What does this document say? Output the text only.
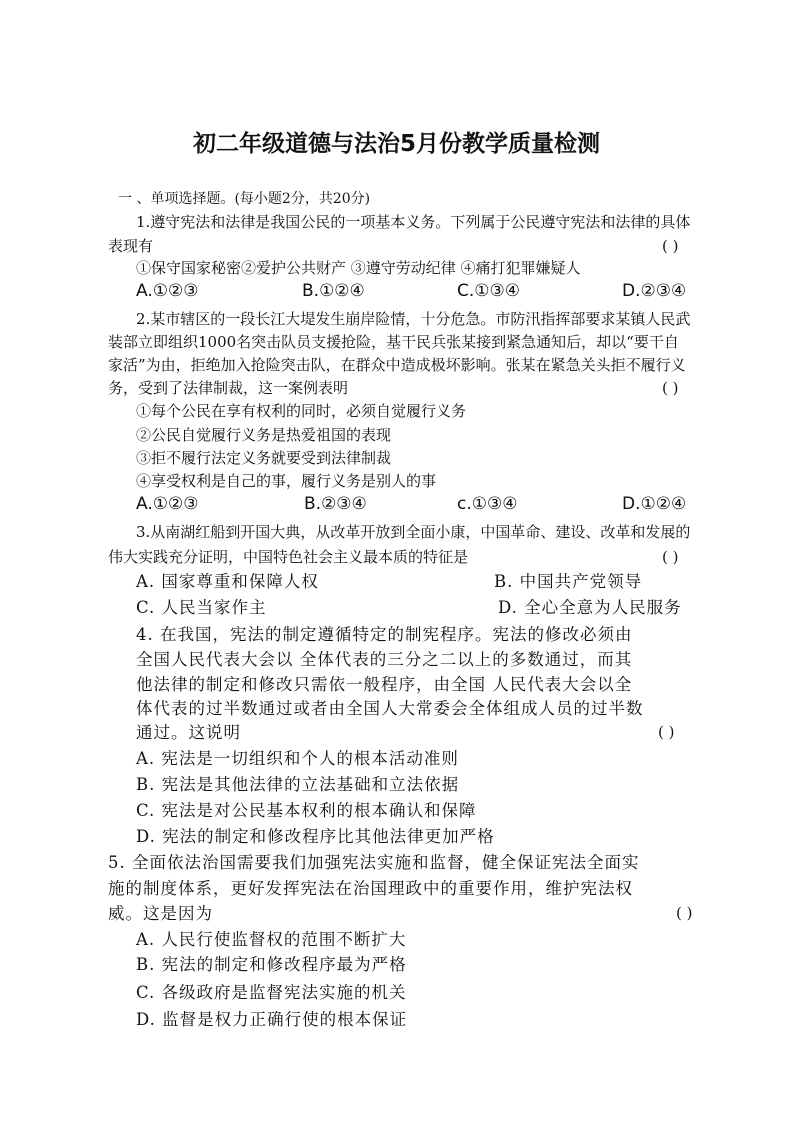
初二年级道德与法治5月份教学质量检测
一 、单项选择题。(每小题2分，共20分)
1.遵守宪法和法律是我国公民的一项基本义务。下列属于公民遵守宪法和法律的具体
表现有	( )
①保守国家秘密②爱护公共财产 ③遵守劳动纪律 ④痛打犯罪嫌疑人
A.①②③	B.①②④	C.①③④	D.②③④
2.某市辖区的一段长江大堤发生崩岸险情，十分危急。市防汛指挥部要求某镇人民武
装部立即组织1000名突击队员支援抢险，基干民兵张某接到紧急通知后，却以“要干自
家活”为由，拒绝加入抢险突击队，在群众中造成极坏影响。张某在紧急关头拒不履行义
务，受到了法律制裁，这一案例表明	( )
①每个公民在享有权利的同时，必须自觉履行义务
②公民自觉履行义务是热爱祖国的表现
③拒不履行法定义务就要受到法律制裁
④享受权利是自己的事，履行义务是别人的事
A.①②③	B.②③④	c.①③④	D.①②④
3.从南湖红船到开国大典，从改革开放到全面小康，中国革命、建设、改革和发展的
伟大实践充分证明，中国特色社会主义最本质的特征是	( )
A. 国家尊重和保障人权	B. 中国共产党领导
C. 人民当家作主	D. 全心全意为人民服务
4. 在我国，宪法的制定遵循特定的制宪程序。宪法的修改必须由
全国人民代表大会以 全体代表的三分之二以上的多数通过，而其
他法律的制定和修改只需依一般程序，由全国 人民代表大会以全
体代表的过半数通过或者由全国人大常委会全体组成人员的过半数
通过。这说明	( )
A. 宪法是一切组织和个人的根本活动准则
B. 宪法是其他法律的立法基础和立法依据
C. 宪法是对公民基本权利的根本确认和保障
D. 宪法的制定和修改程序比其他法律更加严格
5. 全面依法治国需要我们加强宪法实施和监督，健全保证宪法全面实
施的制度体系，更好发挥宪法在治国理政中的重要作用，维护宪法权
威。这是因为	( )
A. 人民行使监督权的范围不断扩大
B. 宪法的制定和修改程序最为严格
C. 各级政府是监督宪法实施的机关
D. 监督是权力正确行使的根本保证
